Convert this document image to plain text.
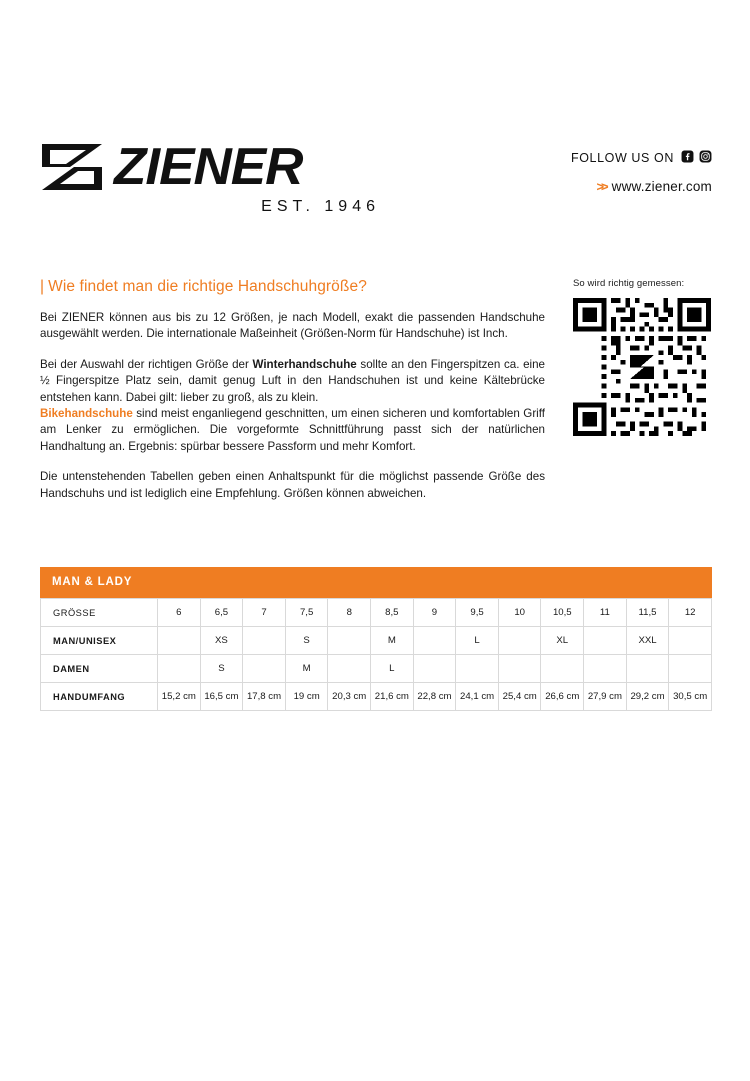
ZIENER
EST. 1946
FOLLOW US ON
>> www.ziener.com
| Wie findet man die richtige Handschuhgröße?

Bei ZIENER können aus bis zu 12 Größen, je nach Modell, exakt die passenden Handschuhe ausgewählt werden. Die internationale Maßeinheit (Größen-Norm für Handschuhe) ist Inch.

Bei der Auswahl der richtigen Größe der Winterhandschuhe sollte an den Fingerspitzen ca. eine ½ Fingerspitze Platz sein, damit genug Luft in den Handschuhen ist und keine Kältebrücke entstehen kann. Dabei gilt: lieber zu groß, als zu klein.
Bikehandschuhe sind meist enganliegend geschnitten, um einen sicheren und komfortablen Griff am Lenker zu ermöglichen. Die vorgeformte Schnittführung passt sich der natürlichen Handhaltung an. Ergebnis: spürbar bessere Passform und mehr Komfort.

Die untenstehenden Tabellen geben einen Anhaltspunkt für die möglichst passende Größe des Handschuhs und ist lediglich eine Empfehlung. Größen können abweichen.

So wird richtig gemessen:
MAN & LADY
GRÖSSE	6	6,5	7	7,5	8	8,5	9	9,5	10	10,5	11	11,5	12
MAN/UNISEX		XS		S		M		L		XL		XXL	
DAMEN		S		M		L							
HANDUMFANG	15,2 cm	16,5 cm	17,8 cm	19 cm	20,3 cm	21,6 cm	22,8 cm	24,1 cm	25,4 cm	26,6 cm	27,9 cm	29,2 cm	30,5 cm
